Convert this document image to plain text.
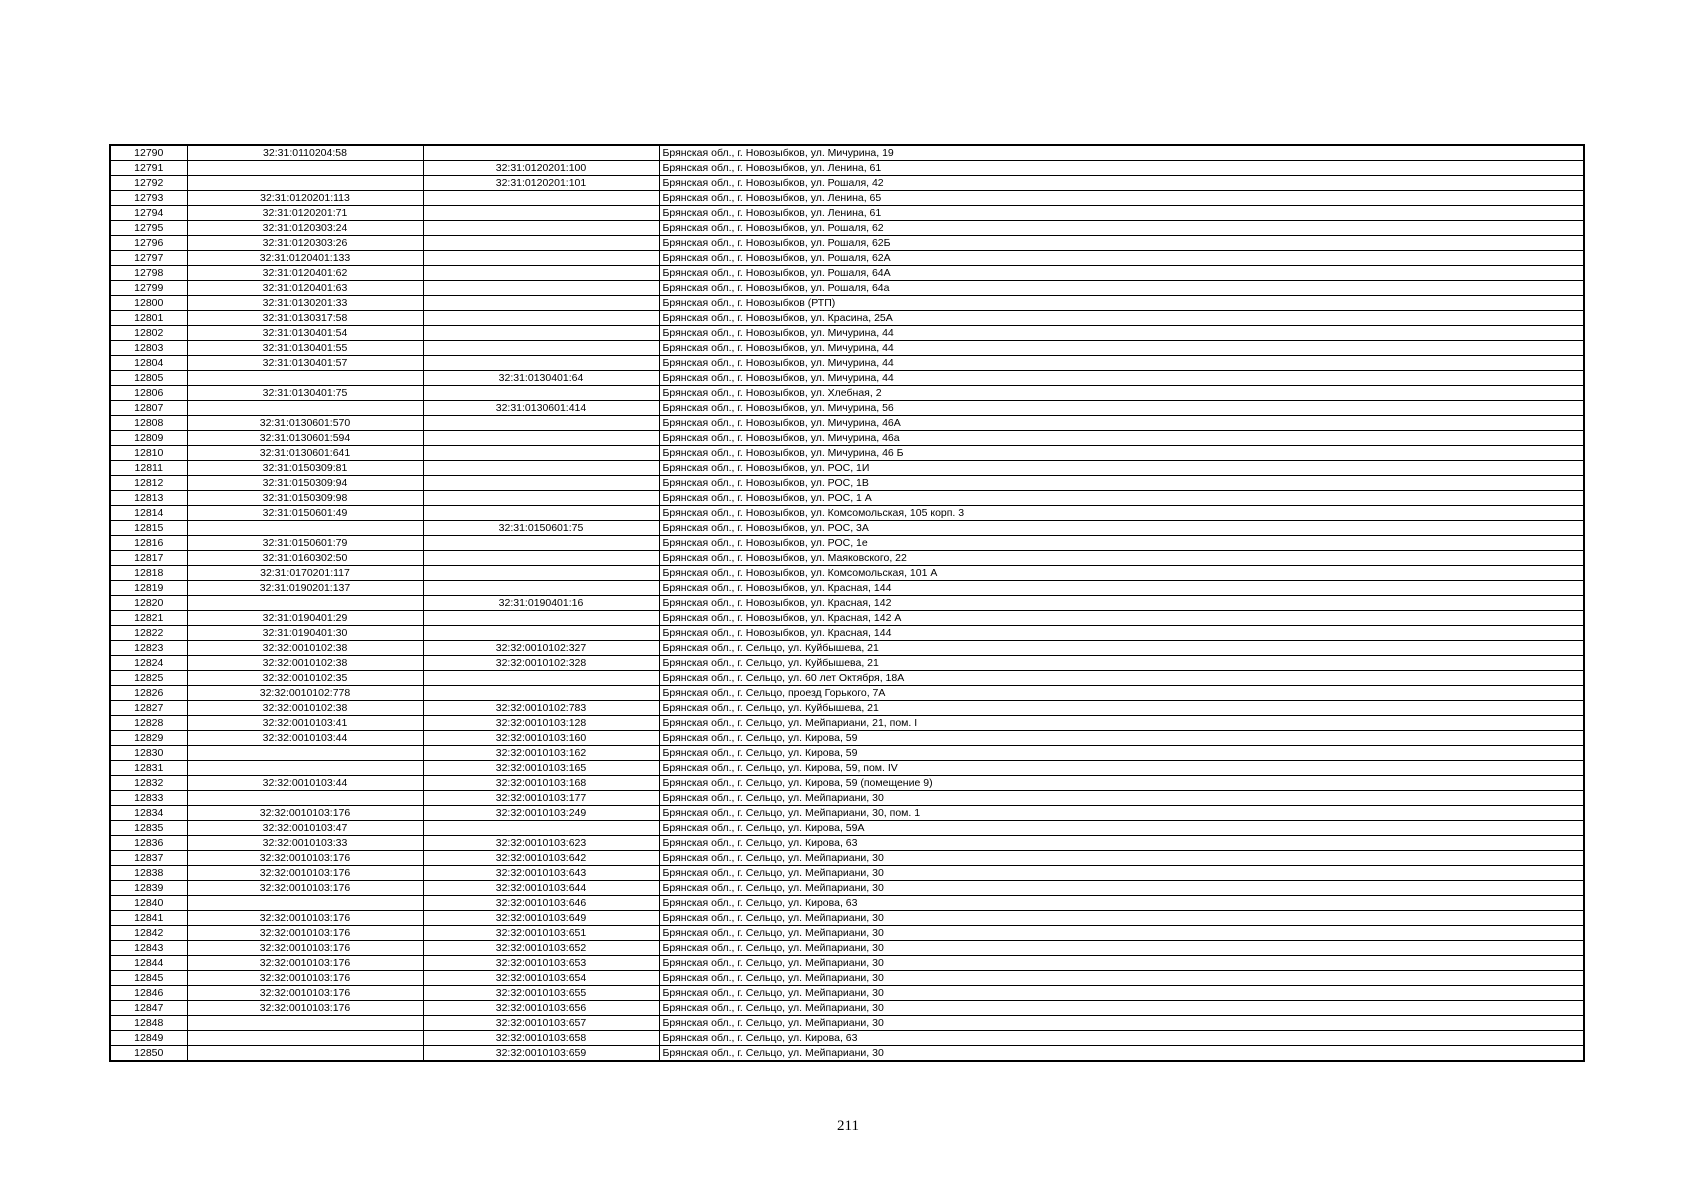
12790	32:31:0110204:58		Брянская обл., г. Новозыбков, ул. Мичурина, 19
12791		32:31:0120201:100	Брянская обл., г. Новозыбков, ул. Ленина, 61
12792		32:31:0120201:101	Брянская обл., г. Новозыбков, ул. Рошаля, 42
12793	32:31:0120201:113		Брянская обл., г. Новозыбков, ул. Ленина, 65
12794	32:31:0120201:71		Брянская обл., г. Новозыбков, ул. Ленина, 61
12795	32:31:0120303:24		Брянская обл., г. Новозыбков, ул. Рошаля, 62
12796	32:31:0120303:26		Брянская обл., г. Новозыбков, ул. Рошаля, 62Б
12797	32:31:0120401:133		Брянская обл., г. Новозыбков, ул. Рошаля, 62А
12798	32:31:0120401:62		Брянская обл., г. Новозыбков, ул. Рошаля, 64А
12799	32:31:0120401:63		Брянская обл., г. Новозыбков, ул. Рошаля, 64а
12800	32:31:0130201:33		Брянская обл., г. Новозыбков (РТП)
12801	32:31:0130317:58		Брянская обл., г. Новозыбков, ул. Красина, 25А
12802	32:31:0130401:54		Брянская обл., г. Новозыбков, ул. Мичурина, 44
12803	32:31:0130401:55		Брянская обл., г. Новозыбков, ул. Мичурина, 44
12804	32:31:0130401:57		Брянская обл., г. Новозыбков, ул. Мичурина, 44
12805		32:31:0130401:64	Брянская обл., г. Новозыбков, ул. Мичурина, 44
12806	32:31:0130401:75		Брянская обл., г. Новозыбков, ул. Хлебная, 2
12807		32:31:0130601:414	Брянская обл., г. Новозыбков, ул. Мичурина, 56
12808	32:31:0130601:570		Брянская обл., г. Новозыбков, ул. Мичурина, 46А
12809	32:31:0130601:594		Брянская обл., г. Новозыбков, ул. Мичурина, 46а
12810	32:31:0130601:641		Брянская обл., г. Новозыбков, ул. Мичурина, 46 Б
12811	32:31:0150309:81		Брянская обл., г. Новозыбков, ул. РОС, 1И
12812	32:31:0150309:94		Брянская обл., г. Новозыбков, ул. РОС, 1В
12813	32:31:0150309:98		Брянская обл., г. Новозыбков, ул. РОС, 1 А
12814	32:31:0150601:49		Брянская обл., г. Новозыбков, ул. Комсомольская, 105 корп. 3
12815		32:31:0150601:75	Брянская обл., г. Новозыбков, ул. РОС, 3А
12816	32:31:0150601:79		Брянская обл., г. Новозыбков, ул. РОС, 1е
12817	32:31:0160302:50		Брянская обл., г. Новозыбков, ул. Маяковского, 22
12818	32:31:0170201:117		Брянская обл., г. Новозыбков, ул. Комсомольская, 101 А
12819	32:31:0190201:137		Брянская обл., г. Новозыбков, ул. Красная, 144
12820		32:31:0190401:16	Брянская обл., г. Новозыбков, ул. Красная, 142
12821	32:31:0190401:29		Брянская обл., г. Новозыбков, ул. Красная, 142 А
12822	32:31:0190401:30		Брянская обл., г. Новозыбков, ул. Красная, 144
12823	32:32:0010102:38	32:32:0010102:327	Брянская обл., г. Сельцо, ул. Куйбышева, 21
12824	32:32:0010102:38	32:32:0010102:328	Брянская обл., г. Сельцо, ул. Куйбышева, 21
12825	32:32:0010102:35		Брянская обл., г. Сельцо, ул. 60 лет Октября, 18А
12826	32:32:0010102:778		Брянская обл., г. Сельцо, проезд Горького, 7А
12827	32:32:0010102:38	32:32:0010102:783	Брянская обл., г. Сельцо, ул. Куйбышева, 21
12828	32:32:0010103:41	32:32:0010103:128	Брянская обл., г. Сельцо, ул. Мейпариани, 21, пом. I
12829	32:32:0010103:44	32:32:0010103:160	Брянская обл., г. Сельцо, ул. Кирова, 59
12830		32:32:0010103:162	Брянская обл., г. Сельцо, ул. Кирова, 59
12831		32:32:0010103:165	Брянская обл., г. Сельцо, ул. Кирова, 59, пом. IV
12832	32:32:0010103:44	32:32:0010103:168	Брянская обл., г. Сельцо, ул. Кирова, 59 (помещение 9)
12833		32:32:0010103:177	Брянская обл., г. Сельцо, ул. Мейпариани, 30
12834	32:32:0010103:176	32:32:0010103:249	Брянская обл., г. Сельцо, ул. Мейпариани, 30, пом. 1
12835	32:32:0010103:47		Брянская обл., г. Сельцо, ул. Кирова, 59А
12836	32:32:0010103:33	32:32:0010103:623	Брянская обл., г. Сельцо, ул. Кирова, 63
12837	32:32:0010103:176	32:32:0010103:642	Брянская обл., г. Сельцо, ул. Мейпариани, 30
12838	32:32:0010103:176	32:32:0010103:643	Брянская обл., г. Сельцо, ул. Мейпариани, 30
12839	32:32:0010103:176	32:32:0010103:644	Брянская обл., г. Сельцо, ул. Мейпариани, 30
12840		32:32:0010103:646	Брянская обл., г. Сельцо, ул. Кирова, 63
12841	32:32:0010103:176	32:32:0010103:649	Брянская обл., г. Сельцо, ул. Мейпариани, 30
12842	32:32:0010103:176	32:32:0010103:651	Брянская обл., г. Сельцо, ул. Мейпариани, 30
12843	32:32:0010103:176	32:32:0010103:652	Брянская обл., г. Сельцо, ул. Мейпариани, 30
12844	32:32:0010103:176	32:32:0010103:653	Брянская обл., г. Сельцо, ул. Мейпариани, 30
12845	32:32:0010103:176	32:32:0010103:654	Брянская обл., г. Сельцо, ул. Мейпариани, 30
12846	32:32:0010103:176	32:32:0010103:655	Брянская обл., г. Сельцо, ул. Мейпариани, 30
12847	32:32:0010103:176	32:32:0010103:656	Брянская обл., г. Сельцо, ул. Мейпариани, 30
12848		32:32:0010103:657	Брянская обл., г. Сельцо, ул. Мейпариани, 30
12849		32:32:0010103:658	Брянская обл., г. Сельцо, ул. Кирова, 63
12850		32:32:0010103:659	Брянская обл., г. Сельцо, ул. Мейпариани, 30
211
